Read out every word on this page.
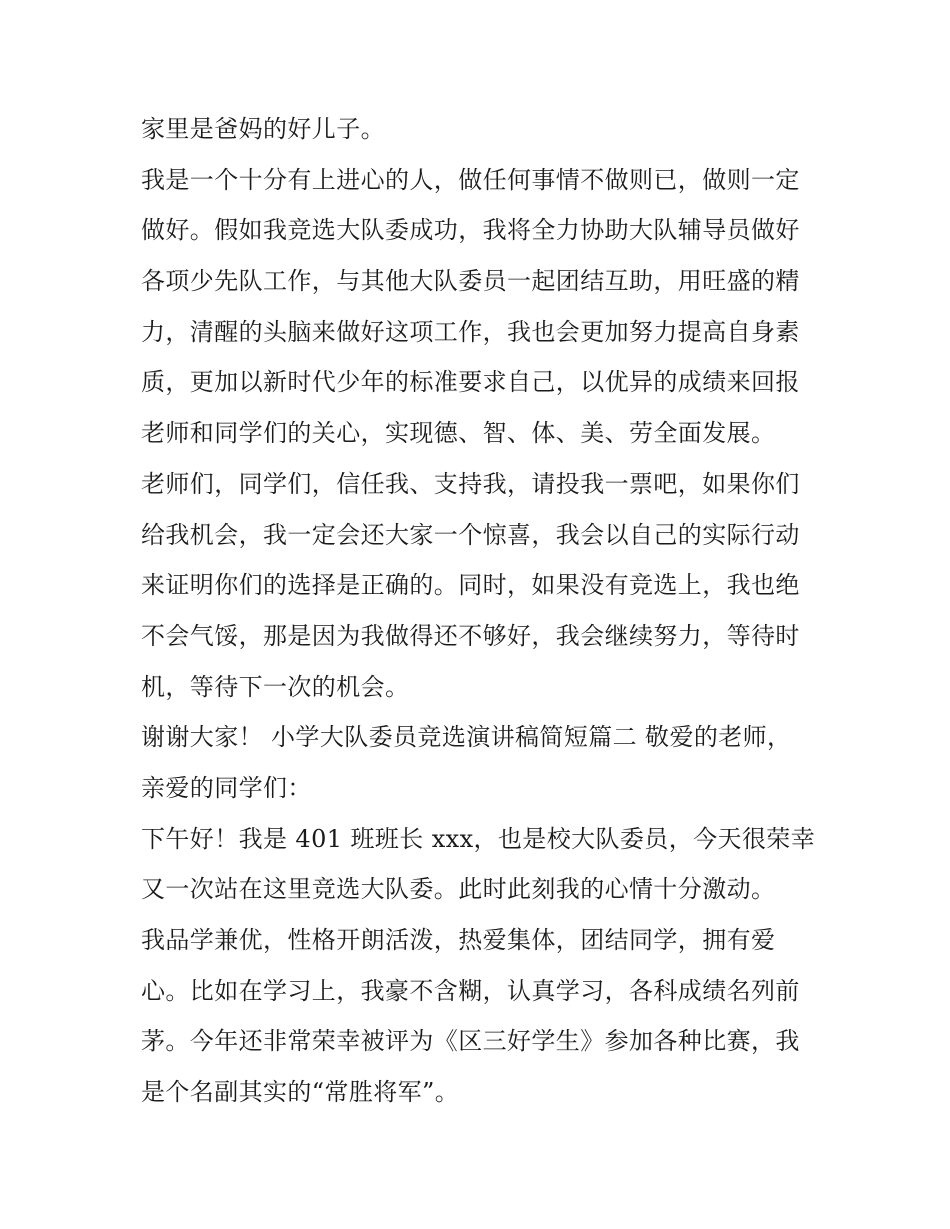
家里是爸妈的好儿子。
我是一个十分有上进心的人，做任何事情不做则已，做则一定
做好。假如我竞选大队委成功，我将全力协助大队辅导员做好
各项少先队工作，与其他大队委员一起团结互助，用旺盛的精
力，清醒的头脑来做好这项工作，我也会更加努力提高自身素
质，更加以新时代少年的标准要求自己，以优异的成绩来回报
老师和同学们的关心，实现德、智、体、美、劳全面发展。
老师们，同学们，信任我、支持我，请投我一票吧，如果你们
给我机会，我一定会还大家一个惊喜，我会以自己的实际行动
来证明你们的选择是正确的。同时，如果没有竞选上，我也绝
不会气馁，那是因为我做得还不够好，我会继续努力，等待时
机，等待下一次的机会。
谢谢大家！ 小学大队委员竞选演讲稿简短篇二 敬爱的老师，
亲爱的同学们：
下午好！我是 401 班班长 xxx，也是校大队委员，今天很荣幸
又一次站在这里竞选大队委。此时此刻我的心情十分激动。
我品学兼优，性格开朗活泼，热爱集体，团结同学，拥有爱
心。比如在学习上，我豪不含糊，认真学习，各科成绩名列前
茅。今年还非常荣幸被评为《区三好学生》参加各种比赛，我
是个名副其实的“常胜将军”。
